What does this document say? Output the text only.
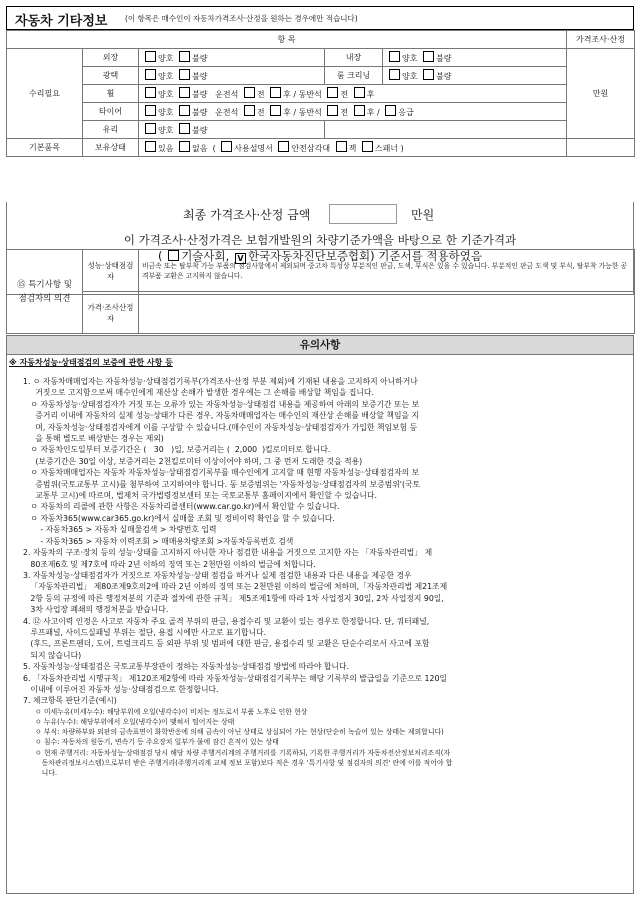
자동차 기타정보 (이 항목은 매수인이 자동차가격조사·산정을 원하는 경우에만 적습니다)
항 목					가격조사·산정
수리필요	외장	양호 불량	내장	양호 불량	만원
	광택	양호 불량	룸 크리닝	양호 불량	
	휠	양호 불량 운전석 전 후 / 동반석 전 후			
	타이어	양호 불량 운전석 전 후 / 동반석 전 후 / 응급			
	유리	양호 불량			
기본품목	보유상태	있음 없음 ( 사용설명서 안전삼각대 잭 스패너 )			
최종 가격조사·산정 금액	만원
이 가격조사·산정가격은 보험개발원의 차량기준가액을 바탕으로 한 기준가격과
( 기술사회, V 한국자동차진단보증협회) 기준서를 적용하였음
⑮ 특기사항 및
점검자의 의견	성능·상태점검자	비금속 또는 탈부착 가능 부품의 점검사항에서 제외되며 중고차 특성상 부분적인 판금, 도색, 부식은 있을 수 있습니다. 부분적인 판금 도색 및 부식, 탈부착 가능한 공격부품 교환은 고지하지 않습니다.
	가격·조사산정자	
유의사항
※ 자동차성능·상태점검의 보증에 관한 사항 등
1. ㅇ 자동차매매업자는 자동차성능·상태점검기록부(가격조사·산정 부분 제외)에 기재된 내용을 고지하지 아니하거나
거짓으로 고지함으로써 매수인에게 재산상 손해가 발생한 경우에는 그 손해를 배상할 책임을 집니다.
ㅇ 자동차성능·상태점검자가 거짓 또는 오류가 있는 자동차성능·상태점검 내용을 제공하여 아래의 보증기간 또는 보
증거리 이내에 자동차의 실제 성능·상태가 다른 경우, 자동차매매업자는 매수인의 재산상 손해를 배상할 책임을 지
며, 자동차성능·상태점검자에게 이를 구상할 수 있습니다.(매수인이 자동차성능·상태점검자가 가입한 책임보험 등
을 통해 별도로 배상받는 경우는 제외)
ㅇ 자동차인도일부터 보증기간은 (   30   )일, 보증거리는 (  2,000  )킬로미터로 합니다.
(보증기간은 30일 이상, 보증거리는 2천킬로미터 이상이어야 하며, 그 중 먼저 도래한 것을 적용)
ㅇ 자동차매매업자는 자동차 자동차성능·상태점검기록부를 매수인에게 고지할 때 현행 자동차성능·상태점검자의 보
증범위(국토교통부 고시)를 첨부하여 고지하여야 합니다. 동 보증범위는 '자동차성능·상태점검자의 보증범위'(국토
교통부 고시)에 따르며, 법제처 국가법령정보센터 또는 국토교통부 홈페이지에서 확인할 수 있습니다.
ㅇ 자동차의 리콜에 관한 사항은 자동차리콜센터(www.car.go.kr)에서 확인할 수 있습니다.
ㅇ 자동차365(www.car365.go.kr)에서 실매물 조회 및 정비이력 확인을 할 수 있습니다.
- 자동차365 > 자동차 실매물검색 > 차량번호 입력
- 자동차365 > 자동차 이력조회 > 매매용차량조회 >자동차등록번호 검색
2. 자동차의 구조·장치 등의 성능·상태를 고지하지 아니한 자나 점검한 내용을 거짓으로 고지한 자는 「자동차관리법」 제
80조제6호 및 제7호에 따라 2년 이하의 징역 또는 2천만원 이하의 벌금에 처합니다.
3. 자동차성능·상태점검자가 거짓으로 자동차성능·상태 점검을 하거나 실제 점검한 내용과 다른 내용을 제공한 경우
「자동차관리법」 제80조제9호의2에 따라 2년 이하의 징역 또는 2천만원 이하의 벌금에 처하며,「자동차관리법 제21조제
2항 등의 규정에 따른 행정처분의 기준과 절차에 관한 규칙」 제5조제1항에 따라 1차 사업정지 30일, 2차 사업정지 90일,
3차 사업장 폐쇄의 행정처분을 받습니다.
4. ⑫ 사고이력 인정은 사고로 자동차 주요 골격 부위의 판금, 용접수리 및 교환이 있는 경우로 한정합니다. 단, 쿼터패널,
루프패널, 사이드실패널 부위는 절단, 용접 시에만 사고로 표기합니다.
(후드, 프론트펜더, 도어, 트렁크리드 등 외판 부위 및 범퍼에 대한 판금, 용접수리 및 교환은 단순수리로서 사고에 포함
되지 않습니다)
5. 자동차성능·상태점검은 국토교통부장관이 정하는 자동차성능·상태점검 방법에 따라야 합니다.
6. 「자동차관리법 시행규칙」 제120조제2항에 따라 자동차성능·상태점검기록부는 해당 기록부의 발급일을 기준으로 120일
이내에 이루어진 자동차 성능·상태점검으로 한정합니다.
7. 체크항목 판단기준(예시)
ㅇ 미세누유(미세누수): 해당부위에 오일(냉각수)이 비치는 정도로서 부품 노후로 인한 현상
ㅇ 누유(누수): 해당부위에서 오일(냉각수)이 맺혀서 떨어지는 상태
ㅇ 부식: 차량하부와 외판의 금속표면이 화학반응에 의해 금속이 아닌 상태로 상실되어 가는 현상(단순히 녹슬어 있는 상태는 제외합니다)
ㅇ 침수: 자동차의 원동기, 변속기 등 주요장치 일부가 물에 잠긴 흔적이 있는 상태
ㅇ 현재 주행거리: 자동차성능·상태점검 당시 해당 차량 주행거리계의 주행거리를 기록하되, 기록한 주행거리가 자동차전산정보처리조직(자
동차관리정보시스템)으로부터 받은 주행거리(주행거리계 교체 정보 포함)보다 적은 경우 '특기사항 및 점검자의 의견' 란에 이를 적어야 합
니다.
